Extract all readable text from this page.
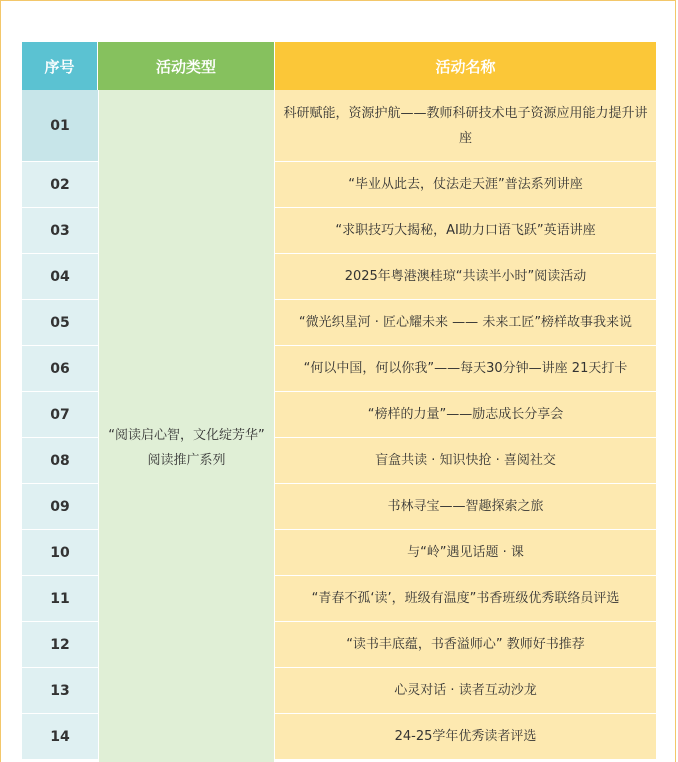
序号	活动类型	活动名称
01
02
03
04
05
06
07
08
09
10
11
12
13
14
“阅读启心智，文化绽芳华”
阅读推广系列
科研赋能，资源护航——教师科研技术电子资源应用能力提升讲座
“毕业从此去，仗法走天涯”普法系列讲座
“求职技巧大揭秘，AI助力口语飞跃”英语讲座
2025年粤港澳桂琼“共读半小时”阅读活动
“微光织星河 · 匠心耀未来 —— 未来工匠”榜样故事我来说
“何以中国，何以你我”——每天30分钟—讲座 21天打卡
“榜样的力量”——励志成长分享会
盲盒共读 · 知识快抢 · 喜阅社交
书林寻宝——智趣探索之旅
与“岭”遇见话题 · 课
“青春不孤‘读’，班级有温度”书香班级优秀联络员评选
“读书丰底蕴，书香溢师心” 教师好书推荐
心灵对话 · 读者互动沙龙
24-25学年优秀读者评选
